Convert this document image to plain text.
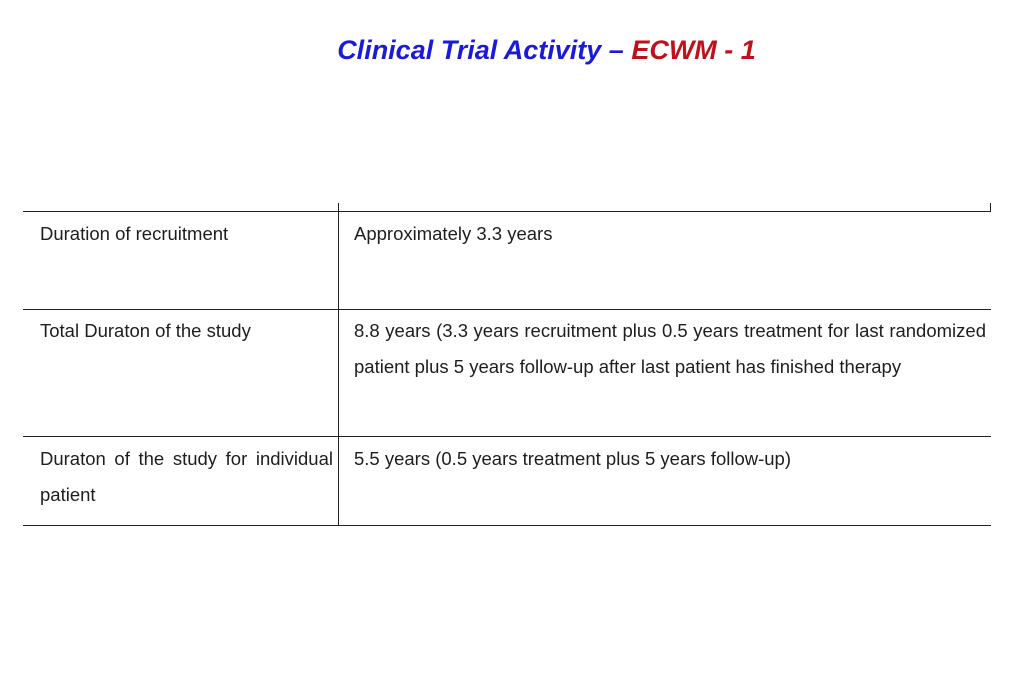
Clinical Trial Activity – ECWM - 1
Duration of recruitment	Approximately 3.3 years
Total Duraton of the study	8.8 years (3.3 years recruitment plus 0.5 years treatment for last randomized patient plus 5 years follow-up after last patient has finished therapy
Duraton of the study for individual patient
5.5 years (0.5 years treatment plus 5 years follow-up)
